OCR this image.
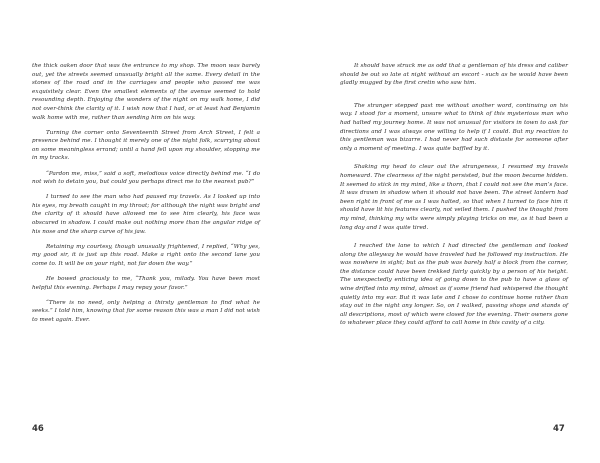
the thick oaken door that was the entrance to my shop. The moon was barely out, yet the streets seemed unusually bright all the same. Every detail in the stones of the road and in the carriages and people who passed me was exquisitely clear. Even the smallest elements of the avenue seemed to hold resounding depth. Enjoying the wonders of the night on my walk home, I did not over-think the clarity of it. I wish now that I had, or at least had Benjamin walk home with me, rather than sending him on his way.

Turning the corner onto Seventeenth Street from Arch Street, I felt a presence behind me. I thought it merely one of the night folk, scurrying about on some meaningless errand; until a hand fell upon my shoulder, stopping me in my tracks.

“Pardon me, miss,” said a soft, melodious voice directly behind me. “I do not wish to detain you, but could you perhaps direct me to the nearest pub?”

I turned to see the man who had paused my travels. As I looked up into his eyes, my breath caught in my throat; for although the night was bright and the clarity of it should have allowed me to see him clearly, his face was obscured in shadow. I could make out nothing more than the angular ridge of his nose and the sharp curve of his jaw.

Retaining my courtesy, though unusually frightened, I replied, “Why yes, my good sir, it is just up this road. Make a right onto the second lane you come to. It will be on your right, not far down the way.”

He bowed graciously to me, “Thank you, milady. You have been most helpful this evening. Perhaps I may repay your favor.”

“There is no need, only helping a thirsty gentleman to find what he seeks.” I told him, knowing that for some reason this was a man I did not wish to meet again. Ever.

46

It should have struck me as odd that a gentleman of his dress and caliber should be out so late at night without an escort - such as he would have been gladly mugged by the first cretin who saw him.

The stranger stepped past me without another word, continuing on his way. I stood for a moment, unsure what to think of this mysterious man who had halted my journey home. It was not unusual for visitors in town to ask for directions and I was always one willing to help if I could. But my reaction to this gentleman was bizarre. I had never had such distaste for someone after only a moment of meeting. I was quite baffled by it.

Shaking my head to clear out the strangeness, I resumed my travels homeward. The clearness of the night persisted, but the moon became hidden. It seemed to stick in my mind, like a thorn, that I could not see the man’s face. It was drawn in shadow when it should not have been. The street lantern had been right in front of me as I was halted, so that when I turned to face him it should have lit his features clearly, not veiled them. I pushed the thought from my mind, thinking my wits were simply playing tricks on me, as it had been a long day and I was quite tired.

I reached the lane to which I had directed the gentleman and looked along the alleyway he would have traveled had he followed my instruction. He was nowhere in sight; but as the pub was barely half a block from the corner, the distance could have been trekked fairly quickly by a person of his height. The unexpectedly enticing idea of going down to the pub to have a glass of wine drifted into my mind, almost as if some friend had whispered the thought quietly into my ear. But it was late and I chose to continue home rather than stay out in the night any longer. So, on I walked, passing shops and stands of all descriptions, most of which were closed for the evening. Their owners gone to whatever place they could afford to call home in this cavity of a city.

47
